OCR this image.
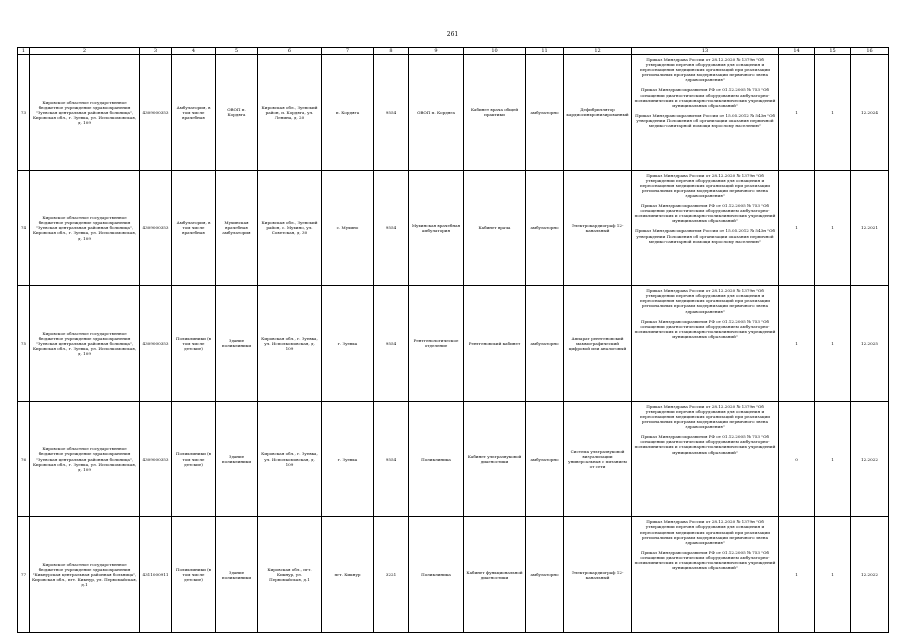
261
1	2	3	4	5	6	7	8	9	10	11	12	13	14	15	16
73	Кировское областное государственное бюджетное учреждение здравоохранения "Зуевская центральная районная больница", Кировская обл., г. Зуевка, ул. Исполкомовская, д. 109	4309000353	Амбулатория, в том числе врачебная	ОВОП п. Кордяга	Кировская обл., Зуевский район, п. Кордяга, ул. Ленина, д. 20	п. Кордяга	9554	ОВОП п. Кордяга	Кабинет врача общей практики	амбулаторно	Дефибриллятор кардиосинхронизированный	Приказ Минздрава России от 28.12.2020 № 1379н "Об утверждении перечня оборудования для оснащения и переоснащения медицинских организаций при реализации региональных программ модернизации первичного звена здравоохранения"

Приказ Минздравсоцразвития РФ от 01.12.2005 № 753 "Об оснащении диагностическим оборудованием амбулаторно-поликлинических и стационарно-поликлинических учреждений муниципальных образований"

Приказ Минздравсоцразвития России от 15.05.2012 № 543н "Об утверждении Положения об организации оказания первичной медико-санитарной помощи взрослому населению"	1	1	12.2024
74	Кировское областное государственное бюджетное учреждение здравоохранения "Зуевская центральная районная больница", Кировская обл., г. Зуевка, ул. Исполкомовская, д. 109	4309000353	Амбулатория, в том числе врачебная	Мухинская врачебная амбулатория	Кировская обл., Зуевский район, с. Мухино, ул. Советская, д. 30	с. Мухино	9554	Мухинская врачебная амбулатория	Кабинет врача	амбулаторно	Электрокардиограф 12-канальный	Приказ Минздрава России от 28.12.2020 № 1379н "Об утверждении перечня оборудования для оснащения и переоснащения медицинских организаций при реализации региональных программ модернизации первичного звена здравоохранения"

Приказ Минздравсоцразвития РФ от 01.12.2005 № 753 "Об оснащении диагностическим оборудованием амбулаторно-поликлинических и стационарно-поликлинических учреждений муниципальных образований"

Приказ Минздравсоцразвития России от 15.05.2012 № 543н "Об утверждении Положения об организации оказания первичной медико-санитарной помощи взрослому населению"	1	1	12.2021
75	Кировское областное государственное бюджетное учреждение здравоохранения "Зуевская центральная районная больница", Кировская обл., г. Зуевка, ул. Исполкомовская, д. 109	4309000353	Поликлиники (в том числе детские)	Здание поликлиники	Кировская обл., г. Зуевка, ул. Исполкомовская, д. 109	г. Зуевка	9554	Рентгенологическое отделение	Рентгеновский кабинет	амбулаторно	Аппарат рентгеновский маммографический цифровой или аналоговый	Приказ Минздрава России от 28.12.2020 № 1379н "Об утверждении перечня оборудования для оснащения и переоснащения медицинских организаций при реализации региональных программ модернизации первичного звена здравоохранения"

Приказ Минздравсоцразвития РФ от 01.12.2005 № 753 "Об оснащении диагностическим оборудованием амбулаторно-поликлинических и стационарно-поликлинических учреждений муниципальных образований"	1	1	12.2025
76	Кировское областное государственное бюджетное учреждение здравоохранения "Зуевская центральная районная больница", Кировская обл., г. Зуевка, ул. Исполкомовская, д. 109	4309000353	Поликлиники (в том числе детские)	Здание поликлиники	Кировская обл., г. Зуевка, ул. Исполкомовская, д. 109	г. Зуевка	9554	Поликлиника	Кабинет ультразвуковой диагностики	амбулаторно	Система ультразвуковой визуализации универсальная с питанием от сети	Приказ Минздрава России от 28.12.2020 № 1379н "Об утверждении перечня оборудования для оснащения и переоснащения медицинских организаций при реализации региональных программ модернизации первичного звена здравоохранения"

Приказ Минздравсоцразвития РФ от 01.12.2005 № 753 "Об оснащении диагностическим оборудованием амбулаторно-поликлинических и стационарно-поликлинических учреждений муниципальных образований"	0	1	12.2022
77	Кировское областное государственное бюджетное учреждение здравоохранения "Кикнурская центральная районная больница", Кировская обл., пгт. Кикнур, ул. Первомайская, д.1	4311000911	Поликлиники (в том числе детские)	Здание поликлиники	Кировская обл., пгт. Кикнур, ул. Первомайская, д.1	пгт. Кикнур	3221	Поликлиника	Кабинет функциональной диагностики	амбулаторно	Электрокардиограф 12-канальный	Приказ Минздрава России от 28.12.2020 № 1379н "Об утверждении перечня оборудования для оснащения и переоснащения медицинских организаций при реализации региональных программ модернизации первичного звена здравоохранения"

Приказ Минздравсоцразвития РФ от 01.12.2005 № 753 "Об оснащении диагностическим оборудованием амбулаторно-поликлинических и стационарно-поликлинических учреждений муниципальных образований"	1	1	12.2022
